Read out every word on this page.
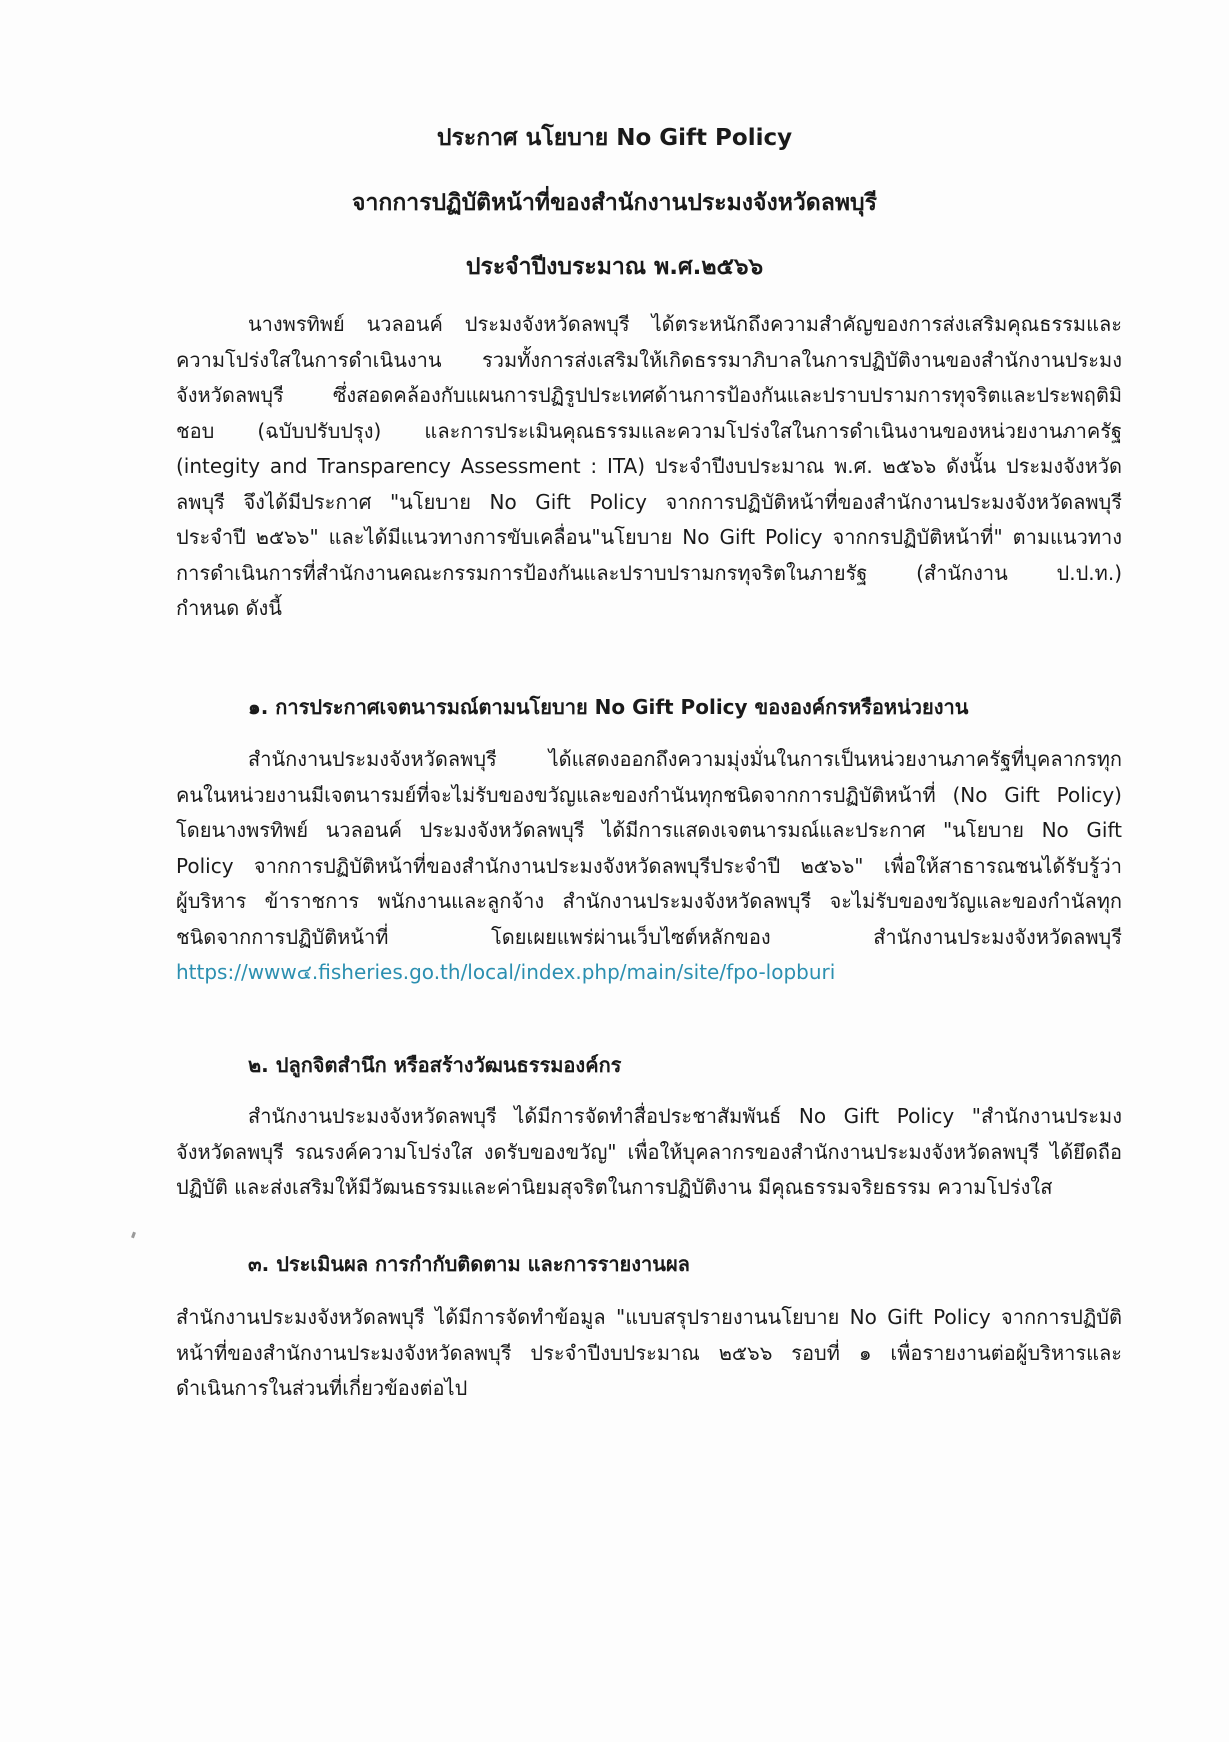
ประกาศ นโยบาย No Gift Policy
จากการปฏิบัติหน้าที่ของสำนักงานประมงจังหวัดลพบุรี
ประจำปีงบระมาณ พ.ศ.๒๕๖๖
นางพรทิพย์ นวลอนค์ ประมงจังหวัดลพบุรี ได้ตระหนักถึงความสำคัญของการส่งเสริมคุณธรรมและ
ความโปร่งใสในการดำเนินงาน รวมทั้งการส่งเสริมให้เกิดธรรมาภิบาลในการปฏิบัติงานของสำนักงานประมง
จังหวัดลพบุรี ซึ่งสอดคล้องกับแผนการปฏิรูปประเทศด้านการป้องกันและปราบปรามการทุจริตและประพฤติมิ
ชอบ (ฉบับปรับปรุง) และการประเมินคุณธรรมและความโปร่งใสในการดำเนินงานของหน่วยงานภาครัฐ
(integity and Transparency Assessment : ITA) ประจำปีงบประมาณ พ.ศ. ๒๕๖๖ ดังนั้น ประมงจังหวัด
ลพบุรี จึงได้มีประกาศ "นโยบาย No Gift Policy จากการปฏิบัติหน้าที่ของสำนักงานประมงจังหวัดลพบุรี
ประจำปี ๒๕๖๖" และได้มีแนวทางการขับเคลื่อน"นโยบาย No Gift Policy จากกรปฏิบัติหน้าที่" ตามแนวทาง
การดำเนินการที่สำนักงานคณะกรรมการป้องกันและปราบปรามกรทุจริตในภายรัฐ (สำนักงาน ป.ป.ท.)
กำหนด ดังนี้
๑. การประกาศเจตนารมณ์ตามนโยบาย No Gift Policy ขององค์กรหรือหน่วยงาน
สำนักงานประมงจังหวัดลพบุรี ได้แสดงออกถึงความมุ่งมั่นในการเป็นหน่วยงานภาครัฐที่บุคลากรทุก
คนในหน่วยงานมีเจตนารมย์ที่จะไม่รับของขวัญและของกำนันทุกชนิดจากการปฏิบัติหน้าที่ (No Gift Policy)
โดยนางพรทิพย์ นวลอนค์ ประมงจังหวัดลพบุรี ได้มีการแสดงเจตนารมณ์และประกาศ "นโยบาย No Gift
Policy จากการปฏิบัติหน้าที่ของสำนักงานประมงจังหวัดลพบุรีประจำปี ๒๕๖๖" เพื่อให้สาธารณชนได้รับรู้ว่า
ผู้บริหาร ข้าราชการ พนักงานและลูกจ้าง สำนักงานประมงจังหวัดลพบุรี จะไม่รับของขวัญและของกำนัลทุก
ชนิดจากการปฏิบัติหน้าที่ โดยเผยแพร่ผ่านเว็บไซต์หลักของ สำนักงานประมงจังหวัดลพบุรี
https://www๔.fisheries.go.th/local/index.php/main/site/fpo-lopburi
๒. ปลูกจิตสำนึก หรือสร้างวัฒนธรรมองค์กร
สำนักงานประมงจังหวัดลพบุรี ได้มีการจัดทำสื่อประชาสัมพันธ์ No Gift Policy "สำนักงานประมง
จังหวัดลพบุรี รณรงค์ความโปร่งใส งดรับของขวัญ" เพื่อให้บุคลากรของสำนักงานประมงจังหวัดลพบุรี ได้ยึดถือ
ปฏิบัติ และส่งเสริมให้มีวัฒนธรรมและค่านิยมสุจริตในการปฏิบัติงาน มีคุณธรรมจริยธรรม ความโปร่งใส
๓. ประเมินผล การกำกับติดตาม และการรายงานผล
สำนักงานประมงจังหวัดลพบุรี ได้มีการจัดทำข้อมูล "แบบสรุปรายงานนโยบาย No Gift Policy จากการปฏิบัติ
หน้าที่ของสำนักงานประมงจังหวัดลพบุรี ประจำปีงบประมาณ ๒๕๖๖ รอบที่ ๑ เพื่อรายงานต่อผู้บริหารและ
ดำเนินการในส่วนที่เกี่ยวข้องต่อไป
